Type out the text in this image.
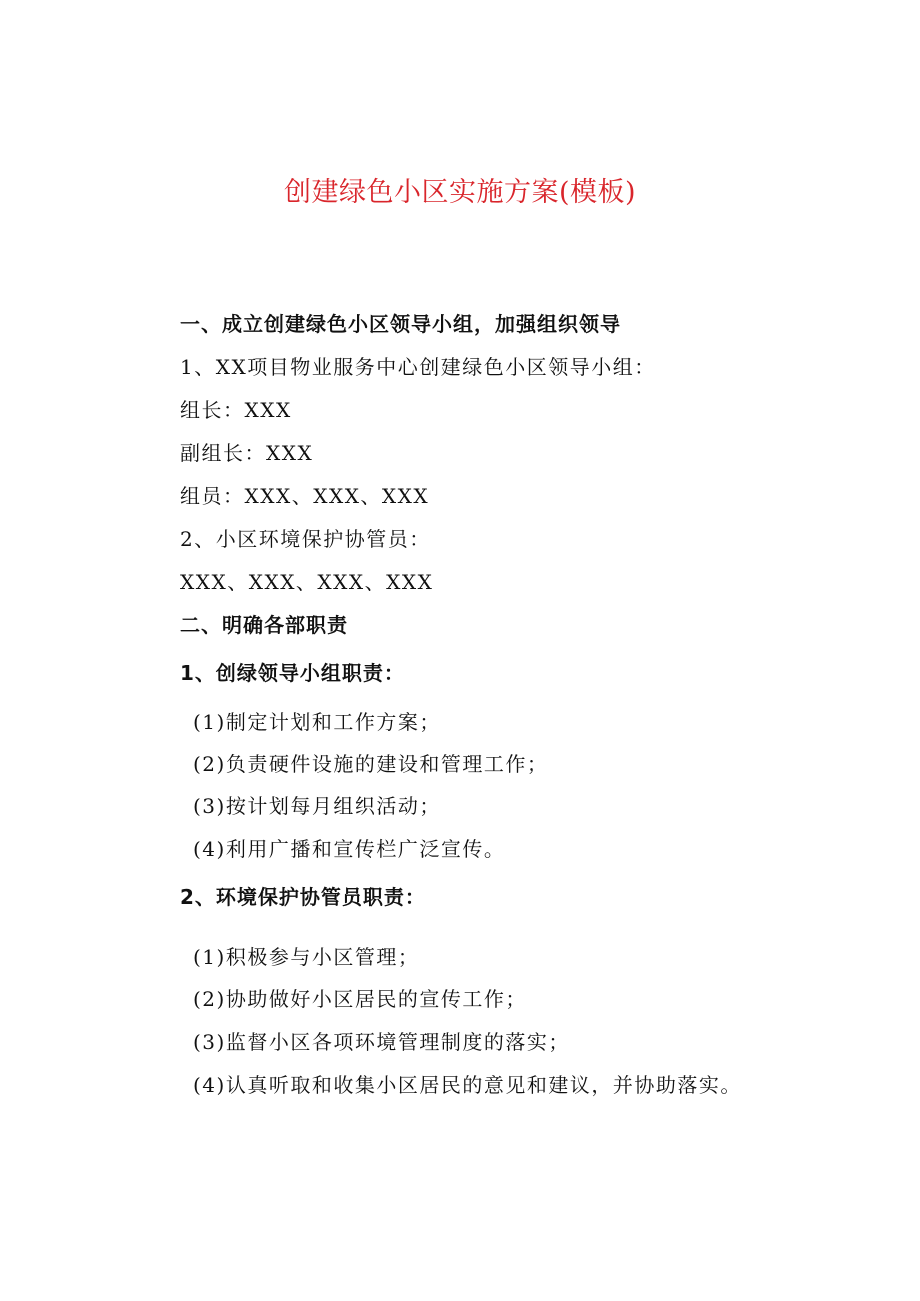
创建绿色小区实施方案(模板)
一、成立创建绿色小区领导小组，加强组织领导
1、XX项目物业服务中心创建绿色小区领导小组：
组长：XXX
副组长：XXX
组员：XXX、XXX、XXX
2、小区环境保护协管员：
XXX、XXX、XXX、XXX
二、明确各部职责
1、创绿领导小组职责：
(1)制定计划和工作方案；
(2)负责硬件设施的建设和管理工作；
(3)按计划每月组织活动；
(4)利用广播和宣传栏广泛宣传。
2、环境保护协管员职责：
(1)积极参与小区管理；
(2)协助做好小区居民的宣传工作；
(3)监督小区各项环境管理制度的落实；
(4)认真听取和收集小区居民的意见和建议，并协助落实。
